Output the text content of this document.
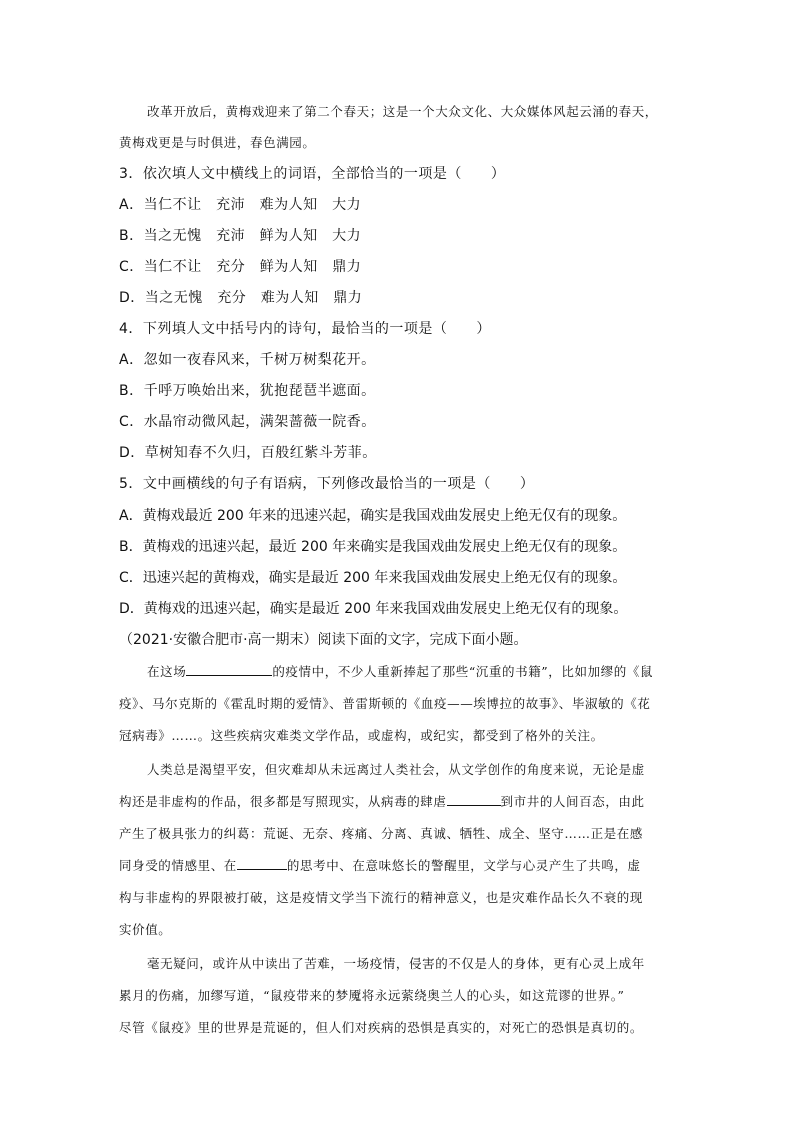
改革开放后，黄梅戏迎来了第二个春天；这是一个大众文化、大众媒体风起云涌的春天，
黄梅戏更是与时俱进，春色满园。
3．依次填人文中横线上的词语，全部恰当的一项是（　　）
A．当仁不让　充沛　难为人知　大力
B．当之无愧　充沛　鲜为人知　大力
C．当仁不让　充分　鲜为人知　鼎力
D．当之无愧　充分　难为人知　鼎力
4．下列填人文中括号内的诗句，最恰当的一项是（　　）
A．忽如一夜春风来，千树万树梨花开。
B．千呼万唤始出来，犹抱琵琶半遮面。
C．水晶帘动微风起，满架蔷薇一院香。
D．草树知春不久归，百般红紫斗芳菲。
5．文中画横线的句子有语病，下列修改最恰当的一项是（　　）
A．黄梅戏最近 200 年来的迅速兴起，确实是我国戏曲发展史上绝无仅有的现象。
B．黄梅戏的迅速兴起，最近 200 年来确实是我国戏曲发展史上绝无仅有的现象。
C．迅速兴起的黄梅戏，确实是最近 200 年来我国戏曲发展史上绝无仅有的现象。
D．黄梅戏的迅速兴起，确实是最近 200 年来我国戏曲发展史上绝无仅有的现象。
（2021·安徽合肥市·高一期末）阅读下面的文字，完成下面小题。
在这场	的疫情中，不少人重新捧起了那些“沉重的书籍”，比如加缪的《鼠
疫》、马尔克斯的《霍乱时期的爱情》、普雷斯顿的《血疫——埃博拉的故事》、毕淑敏的《花
冠病毒》……。这些疾病灾难类文学作品，或虚构，或纪实，都受到了格外的关注。
人类总是渴望平安，但灾难却从未远离过人类社会，从文学创作的角度来说，无论是虚
构还是非虚构的作品，很多都是写照现实，从病毒的肆虐	到市井的人间百态，由此
产生了极具张力的纠葛：荒诞、无奈、疼痛、分离、真诚、牺牲、成全、坚守……正是在感
同身受的情感里、在	的思考中、在意味悠长的警醒里，文学与心灵产生了共鸣，虚
构与非虚构的界限被打破，这是疫情文学当下流行的精神意义，也是灾难作品长久不衰的现
实价值。
毫无疑问，或许从中读出了苦难，一场疫情，侵害的不仅是人的身体，更有心灵上成年
累月的伤痛，加缪写道，“鼠疫带来的梦魇将永远萦绕奥兰人的心头，如这荒谬的世界。”
尽管《鼠疫》里的世界是荒诞的，但人们对疾病的恐惧是真实的，对死亡的恐惧是真切的。
